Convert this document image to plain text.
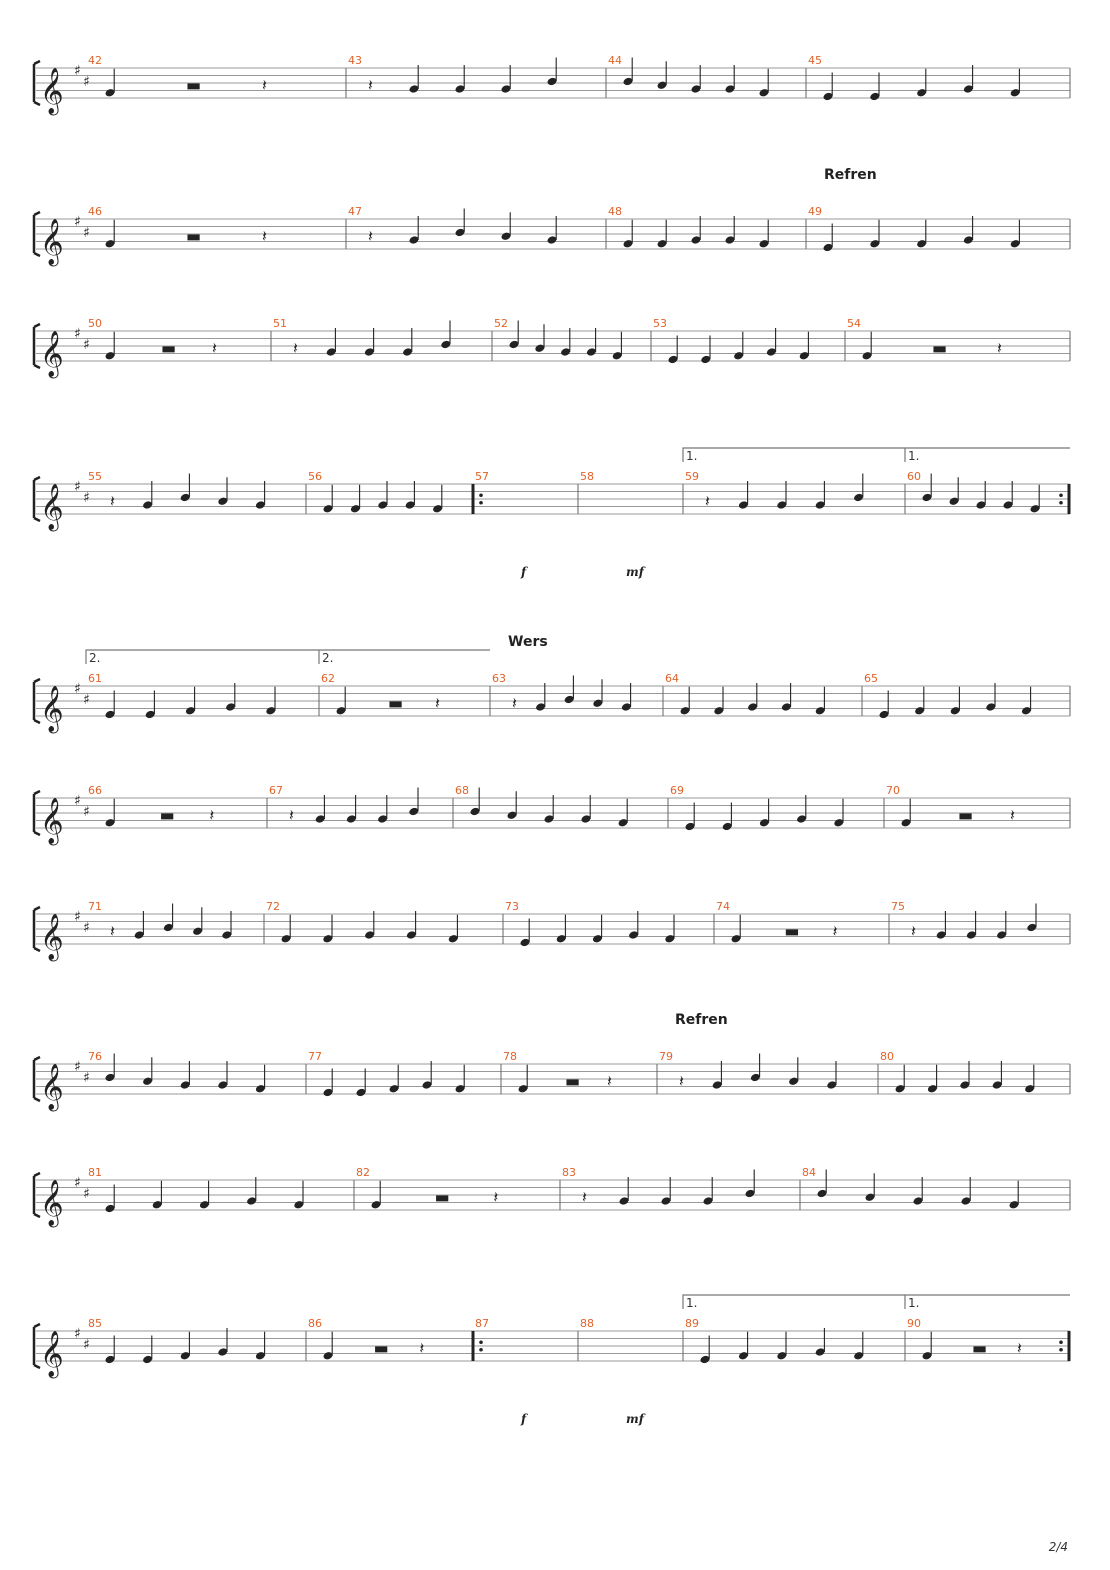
𝄞 ♯
♯
42
▬	𝄽
43
𝄽
44	45
𝄞 ♯
♯
46
▬	𝄽
47
𝄽
48	49
Refren
𝄞 ♯
♯
50
▬ 𝄽
51
𝄽
52	53	54
▬	𝄽
𝄞 ♯
♯
55
𝄽
56	57	58	59
𝄽
60
1.	1.
f	mf
𝄞 ♯
♯
61	62
▬ 𝄽
63
𝄽
64	65
2.	2.
Wers
𝄞 ♯
♯
66
▬ 𝄽
67
𝄽
68	69	70
▬ 𝄽
𝄞 ♯
♯
71
𝄽
72	73	74
▬ 𝄽
75
𝄽
𝄞 ♯
♯
76	77	78
▬ 𝄽
79
𝄽
80
Refren
𝄞 ♯
♯
81	82
▬	𝄽
83
𝄽
84
𝄞 ♯
♯
85	86
▬ 𝄽
87	88	89	90
▬ 𝄽
1.	1.
f	mf
2/4
